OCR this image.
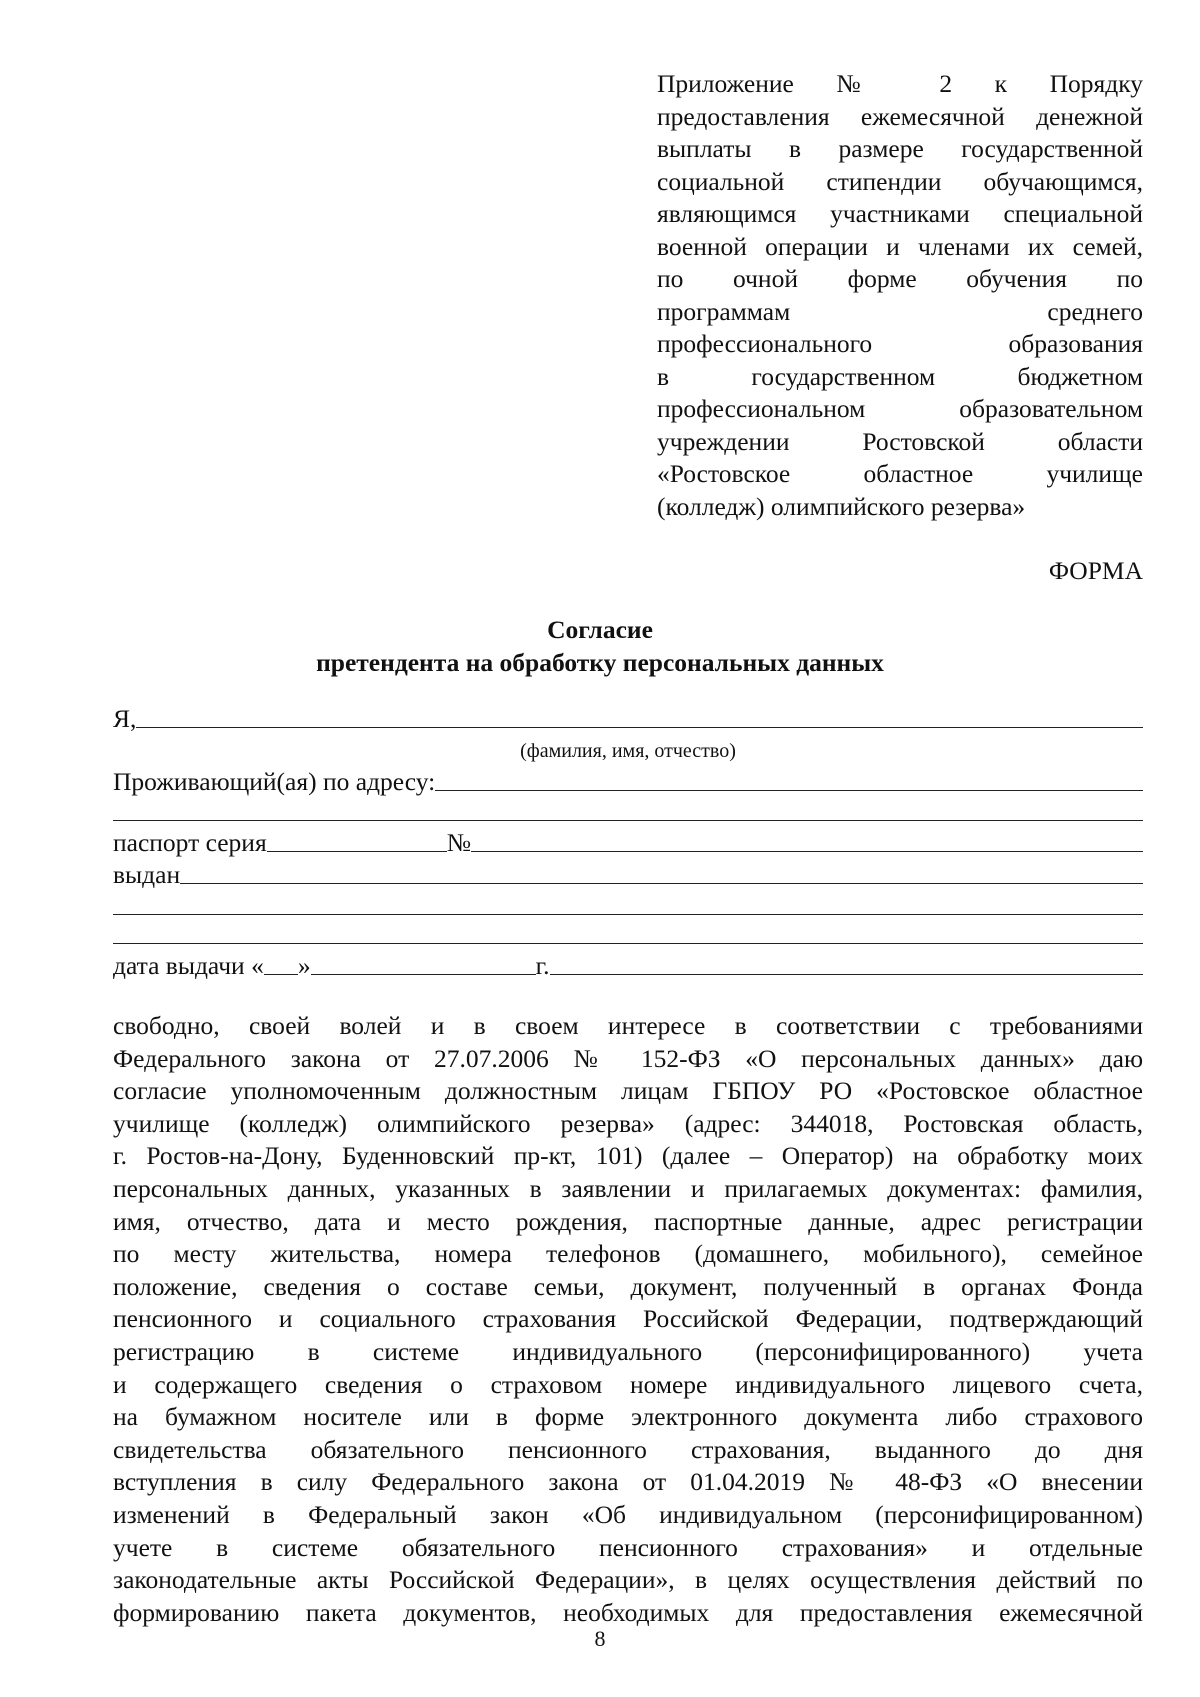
Приложение № 2 к Порядку
предоставления ежемесячной денежной
выплаты в размере государственной
социальной стипендии обучающимся,
являющимся участниками специальной
военной операции и членами их семей,
по очной форме обучения по
программам среднего
профессионального образования
в государственном бюджетном
профессиональном образовательном
учреждении Ростовской области
«Ростовское областное училище
(колледж) олимпийского резерва»
ФОРМА
Согласие
претендента на обработку персональных данных
Я,
(фамилия, имя, отчество)
Проживающий(ая) по адресу:
паспорт серия	№
выдан
дата выдачи « »	г.
свободно, своей волей и в своем интересе в соответствии с требованиями
Федерального закона от 27.07.2006 № 152-ФЗ «О персональных данных» даю
согласие уполномоченным должностным лицам ГБПОУ РО «Ростовское областное
училище (колледж) олимпийского резерва» (адрес: 344018, Ростовская область,
г. Ростов-на-Дону, Буденновский пр-кт, 101) (далее – Оператор) на обработку моих
персональных данных, указанных в заявлении и прилагаемых документах: фамилия,
имя, отчество, дата и место рождения, паспортные данные, адрес регистрации
по месту жительства, номера телефонов (домашнего, мобильного), семейное
положение, сведения о составе семьи, документ, полученный в органах Фонда
пенсионного и социального страхования Российской Федерации, подтверждающий
регистрацию в системе индивидуального (персонифицированного) учета
и содержащего сведения о страховом номере индивидуального лицевого счета,
на бумажном носителе или в форме электронного документа либо страхового
свидетельства обязательного пенсионного страхования, выданного до дня
вступления в силу Федерального закона от 01.04.2019 № 48-ФЗ «О внесении
изменений в Федеральный закон «Об индивидуальном (персонифицированном)
учете в системе обязательного пенсионного страхования» и отдельные
законодательные акты Российской Федерации», в целях осуществления действий по
формированию пакета документов, необходимых для предоставления ежемесячной
8
